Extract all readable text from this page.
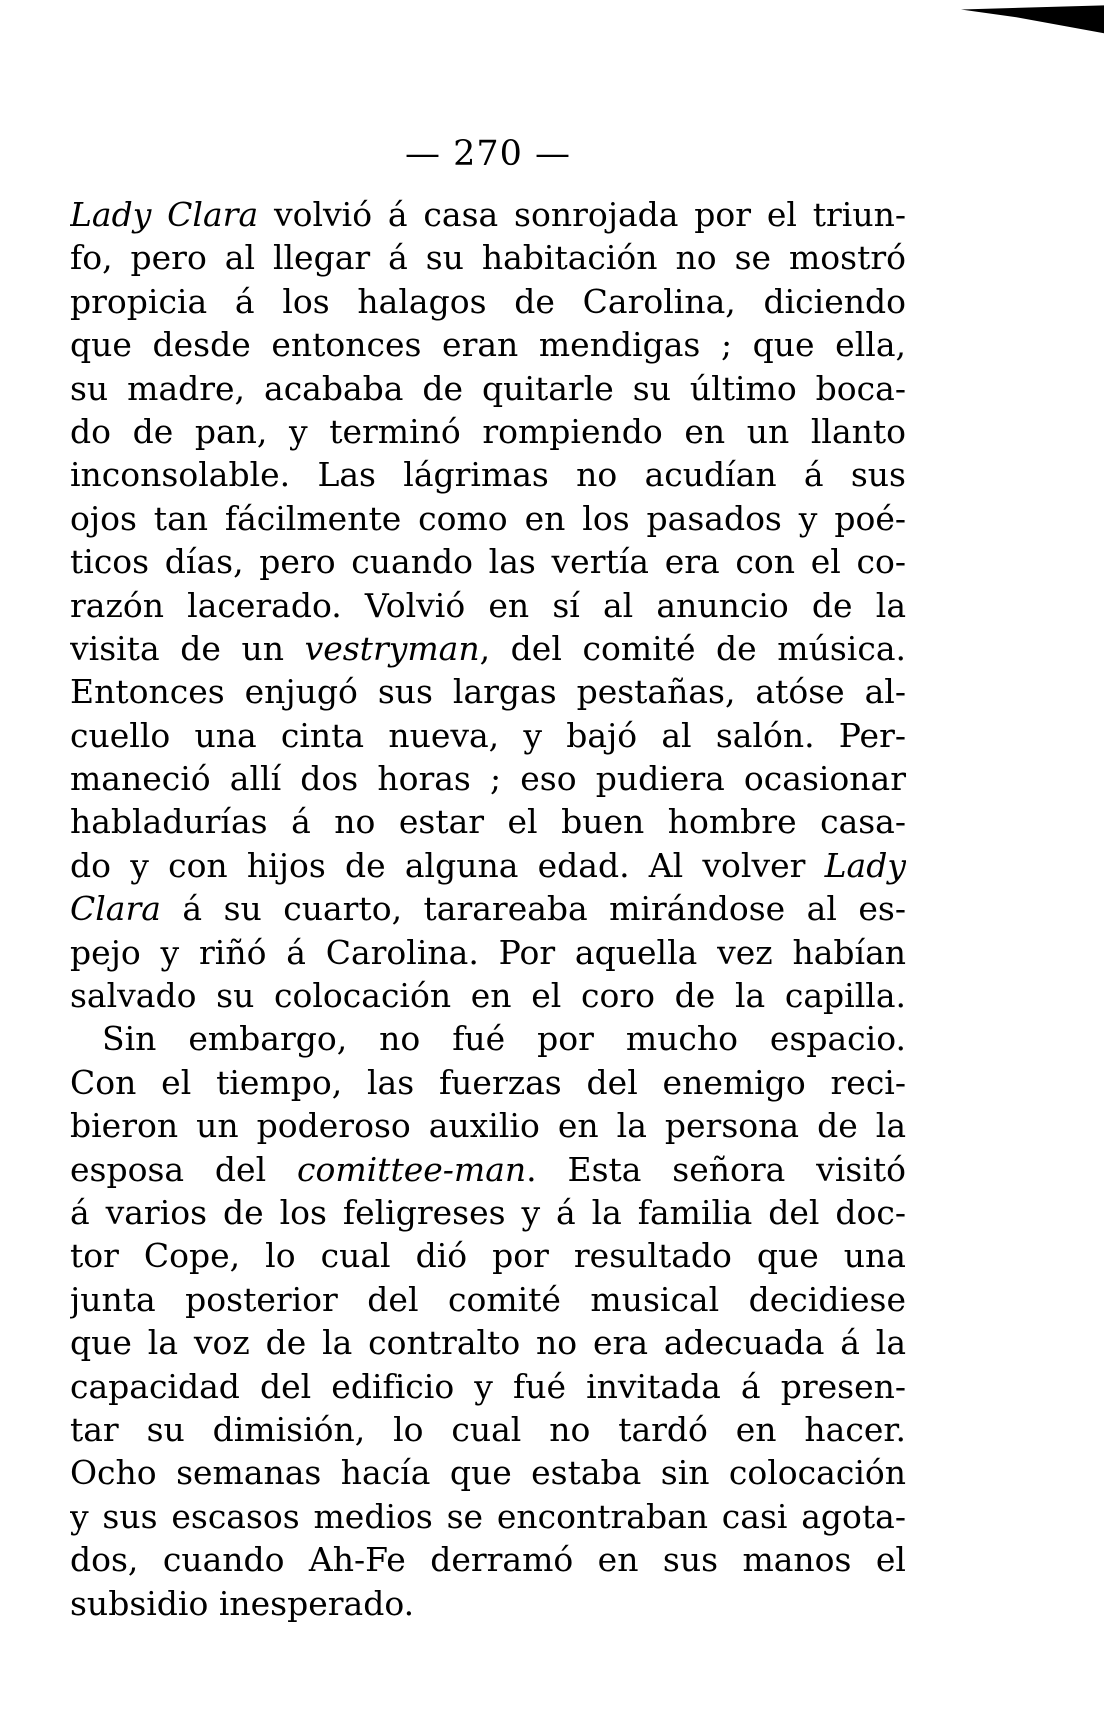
— 270 —
Lady Clara volvió á casa sonrojada por el triun-
fo, pero al llegar á su habitación no se mostró
propicia á los halagos de Carolina, diciendo
que desde entonces eran mendigas ; que ella,
su madre, acababa de quitarle su último boca-
do de pan, y terminó rompiendo en un llanto
inconsolable. Las lágrimas no acudían á sus
ojos tan fácilmente como en los pasados y poé-
ticos días, pero cuando las vertía era con el co-
razón lacerado. Volvió en sí al anuncio de la
visita de un vestryman, del comité de música.
Entonces enjugó sus largas pestañas, atóse al-
cuello una cinta nueva, y bajó al salón. Per-
maneció allí dos horas ; eso pudiera ocasionar
habladurías á no estar el buen hombre casa-
do y con hijos de alguna edad. Al volver Lady
Clara á su cuarto, tarareaba mirándose al es-
pejo y riñó á Carolina. Por aquella vez habían
salvado su colocación en el coro de la capilla.
Sin embargo, no fué por mucho espacio.
Con el tiempo, las fuerzas del enemigo reci-
bieron un poderoso auxilio en la persona de la
esposa del comittee-man. Esta señora visitó
á varios de los feligreses y á la familia del doc-
tor Cope, lo cual dió por resultado que una
junta posterior del comité musical decidiese
que la voz de la contralto no era adecuada á la
capacidad del edificio y fué invitada á presen-
tar su dimisión, lo cual no tardó en hacer.
Ocho semanas hacía que estaba sin colocación
y sus escasos medios se encontraban casi agota-
dos, cuando Ah-Fe derramó en sus manos el
subsidio inesperado.
